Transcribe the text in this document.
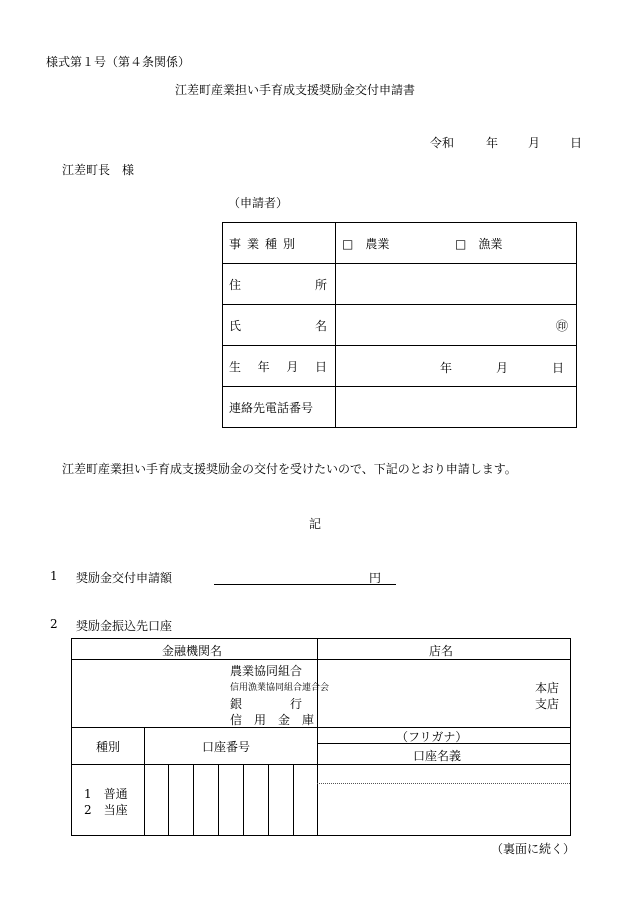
様式第１号（第４条関係）
江差町産業担い手育成支援奨励金交付申請書
令和	年 月 日
江差町長　様
（申請者）
事業種別	□　農業 □　漁業

住 所	

氏 名	㊞

生 年 月 日	年 月 日

連絡先電話番号	
江差町産業担い手育成支援奨励金の交付を受けたいので、下記のとおり申請します。
記
1 奨励金交付申請額	円
2 奨励金振込先口座
金融機関名	店名
農業協同組合
信用漁業協同組合連合会
銀　　　　行
信　用　金　庫
本店
支店
種別	口座番号
（フリガナ）
口座名義
1　普通
2　当座
（裏面に続く）
